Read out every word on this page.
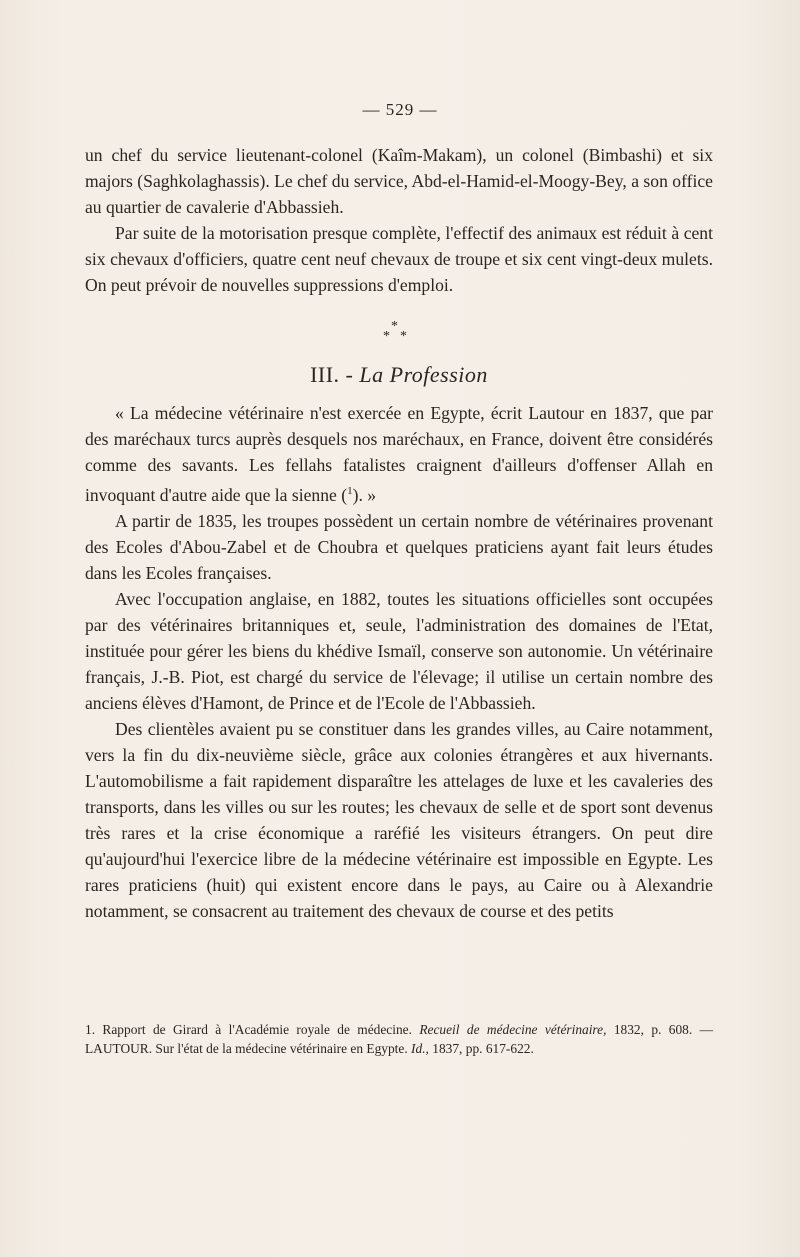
— 529 —

un chef du service lieutenant-colonel (Kaîm-Makam), un colonel (Bimbashi) et six majors (Saghkolaghassis). Le chef du service, Abd-el-Hamid-el-Moogy-Bey, a son office au quartier de cavalerie d'Abbassieh.

Par suite de la motorisation presque complète, l'effectif des animaux est réduit à cent six chevaux d'officiers, quatre cent neuf chevaux de troupe et six cent vingt-deux mulets. On peut prévoir de nouvelles suppressions d'emploi.

*
* *
III. - La Profession

« La médecine vétérinaire n'est exercée en Egypte, écrit Lautour en 1837, que par des maréchaux turcs auprès desquels nos maréchaux, en France, doivent être considérés comme des savants. Les fellahs fatalistes craignent d'ailleurs d'offenser Allah en invoquant d'autre aide que la sienne ($^1$). »

A partir de 1835, les troupes possèdent un certain nombre de vétérinaires provenant des Ecoles d'Abou-Zabel et de Choubra et quelques praticiens ayant fait leurs études dans les Ecoles françaises.

Avec l'occupation anglaise, en 1882, toutes les situations officielles sont occupées par des vétérinaires britanniques et, seule, l'administration des domaines de l'Etat, instituée pour gérer les biens du khédive Ismaïl, conserve son autonomie. Un vétérinaire français, J.-B. Piot, est chargé du service de l'élevage; il utilise un certain nombre des anciens élèves d'Hamont, de Prince et de l'Ecole de l'Abbassieh.

Des clientèles avaient pu se constituer dans les grandes villes, au Caire notamment, vers la fin du dix-neuvième siècle, grâce aux colonies étrangères et aux hivernants. L'automobilisme a fait rapidement disparaître les attelages de luxe et les cavaleries des transports, dans les villes ou sur les routes; les chevaux de selle et de sport sont devenus très rares et la crise économique a raréfié les visiteurs étrangers. On peut dire qu'aujourd'hui l'exercice libre de la médecine vétérinaire est impossible en Egypte. Les rares praticiens (huit) qui existent encore dans le pays, au Caire ou à Alexandrie notamment, se consacrent au traitement des chevaux de course et des petits

1. Rapport de Girard à l'Académie royale de médecine. Recueil de médecine vétérinaire, 1832, p. 608. — LAUTOUR. Sur l'état de la médecine vétérinaire en Egypte. Id., 1837, pp. 617-622.
